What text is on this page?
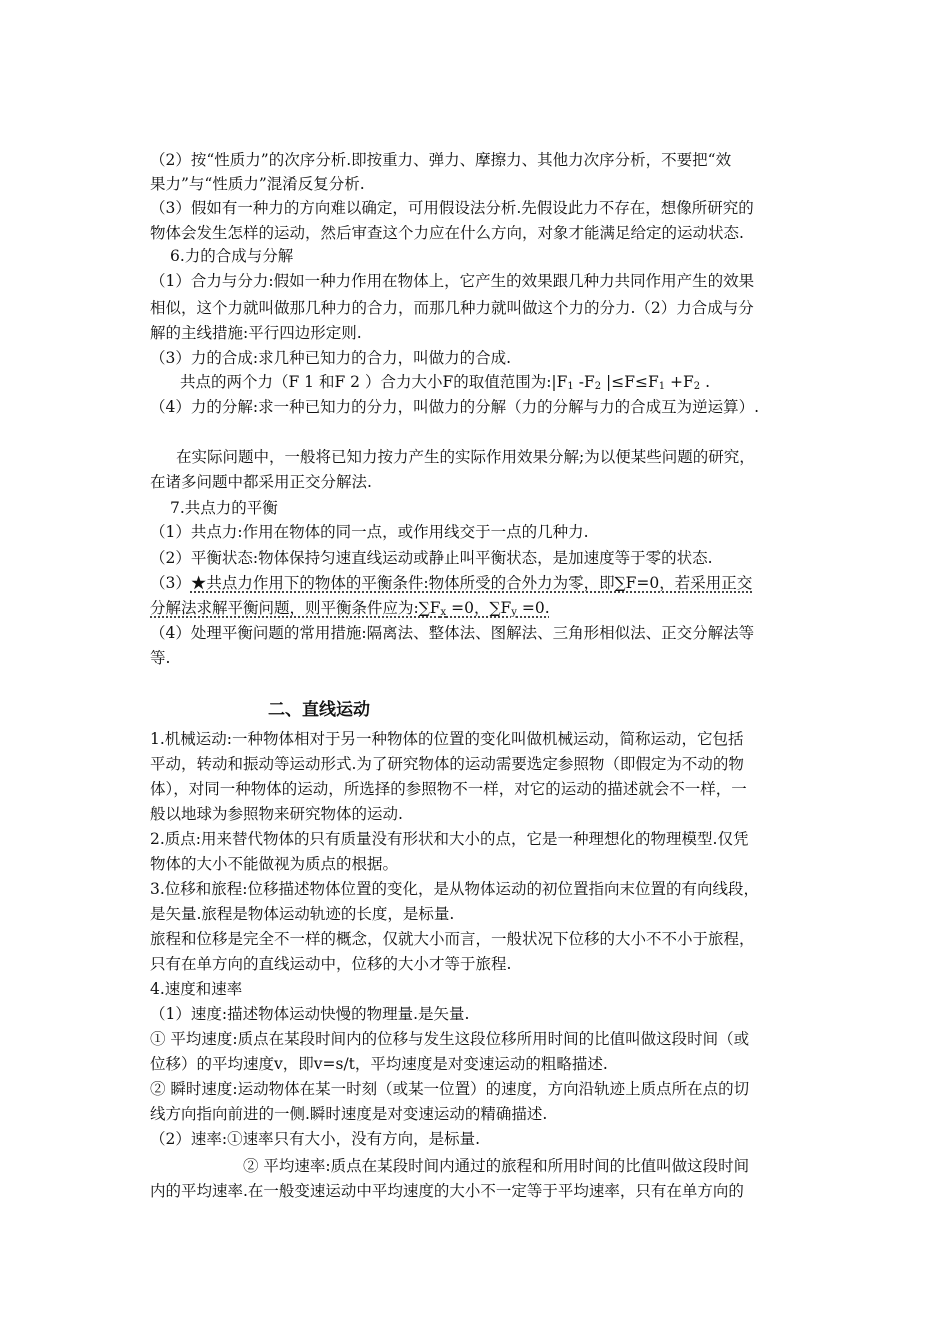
（2）按“性质力”的次序分析.即按重力、弹力、摩擦力、其他力次序分析，不要把“效
果力”与“性质力”混淆反复分析.
（3）假如有一种力的方向难以确定，可用假设法分析.先假设此力不存在，想像所研究的
物体会发生怎样的运动，然后审查这个力应在什么方向，对象才能满足给定的运动状态.
6.力的合成与分解
（1）合力与分力:假如一种力作用在物体上，它产生的效果跟几种力共同作用产生的效果
相似，这个力就叫做那几种力的合力，而那几种力就叫做这个力的分力.（2）力合成与分
解的主线措施:平行四边形定则.
（3）力的合成:求几种已知力的合力，叫做力的合成.
共点的两个力（F 1 和F 2 ）合力大小F的取值范围为$:|F_1$ $-F_2$ $|\le F\le F_1 +F_2$ .
（4）力的分解:求一种已知力的分力，叫做力的分解（力的分解与力的合成互为逆运算）.
在实际问题中，一般将已知力按力产生的实际作用效果分解;为以便某些问题的研究，
在诸多问题中都采用正交分解法.
7.共点力的平衡
（1）共点力:作用在物体的同一点，或作用线交于一点的几种力.
（2）平衡状态:物体保持匀速直线运动或静止叫平衡状态，是加速度等于零的状态.
（3）★共点力作用下的物体的平衡条件:物体所受的合外力为零，即∑F=0，若采用正交
分解法求解平衡问题，则平衡条件应为$:\sum F_x =0$，$\sum F_y =0$.
（4）处理平衡问题的常用措施:隔离法、整体法、图解法、三角形相似法、正交分解法等
等.
二、直线运动
1.机械运动:一种物体相对于另一种物体的位置的变化叫做机械运动，简称运动，它包括
平动，转动和振动等运动形式.为了研究物体的运动需要选定参照物（即假定为不动的物
体），对同一种物体的运动，所选择的参照物不一样，对它的运动的描述就会不一样，一
般以地球为参照物来研究物体的运动.
2.质点:用来替代物体的只有质量没有形状和大小的点，它是一种理想化的物理模型.仅凭
物体的大小不能做视为质点的根据。
3.位移和旅程:位移描述物体位置的变化，是从物体运动的初位置指向末位置的有向线段，
是矢量.旅程是物体运动轨迹的长度，是标量.
旅程和位移是完全不一样的概念，仅就大小而言，一般状况下位移的大小不不小于旅程，
只有在单方向的直线运动中，位移的大小才等于旅程.
4.速度和速率
（1）速度:描述物体运动快慢的物理量.是矢量.
① 平均速度:质点在某段时间内的位移与发生这段位移所用时间的比值叫做这段时间（或
位移）的平均速度v，即v=s/t，平均速度是对变速运动的粗略描述.
② 瞬时速度:运动物体在某一时刻（或某一位置）的速度，方向沿轨迹上质点所在点的切
线方向指向前进的一侧.瞬时速度是对变速运动的精确描述.
（2）速率:①速率只有大小，没有方向，是标量.
② 平均速率:质点在某段时间内通过的旅程和所用时间的比值叫做这段时间
内的平均速率.在一般变速运动中平均速度的大小不一定等于平均速率，只有在单方向的
